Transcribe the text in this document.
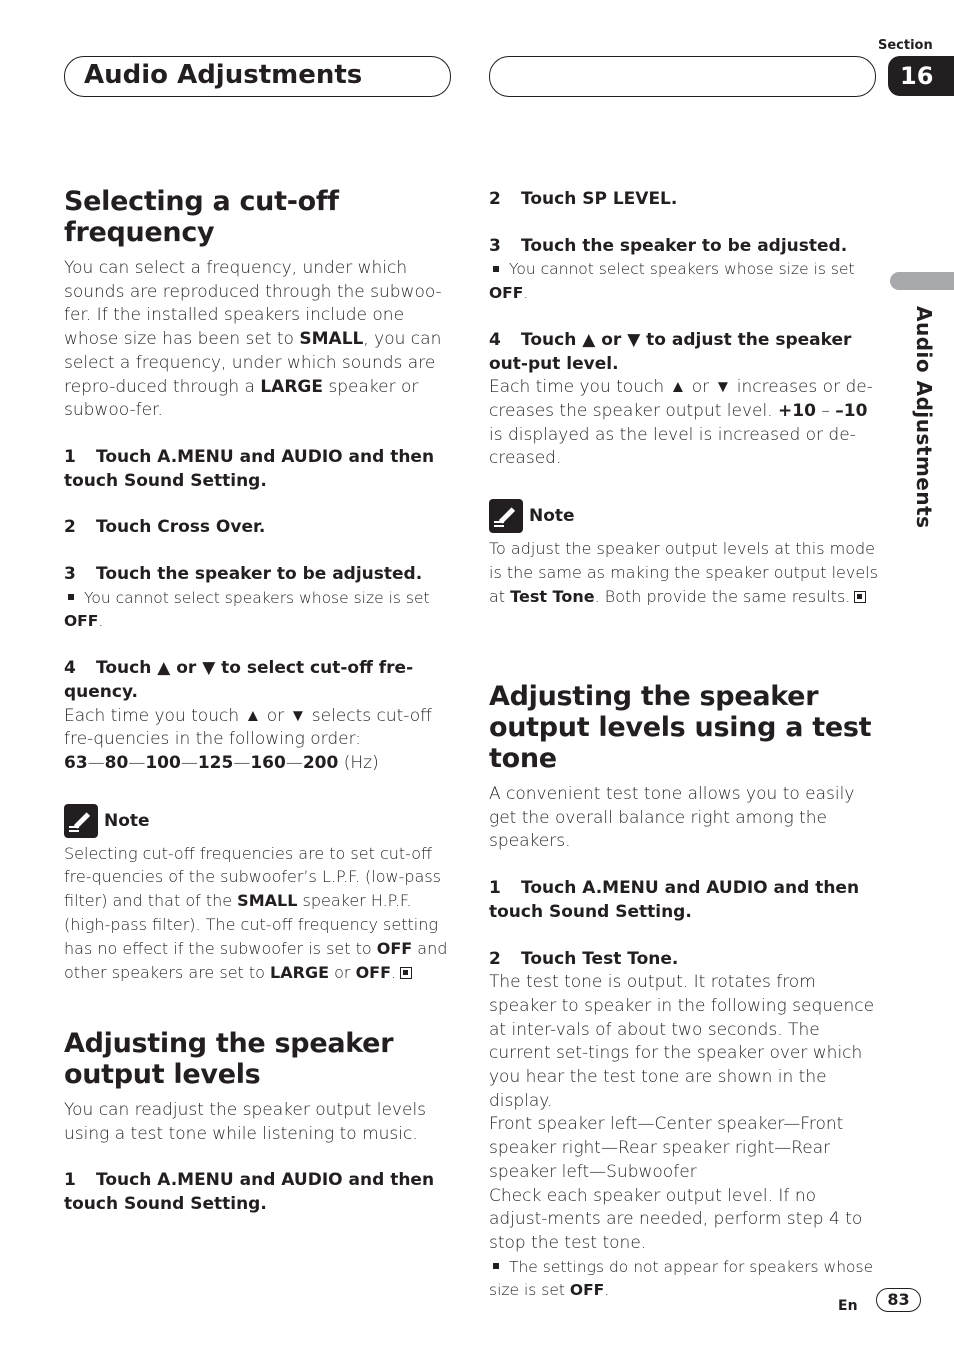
Audio Adjustments
Section
16
Audio Adjustments
Selecting a cut-off frequency

You can select a frequency, under which sounds are reproduced through the subwoo-fer. If the installed speakers include one whose size has been set to SMALL, you can select a frequency, under which sounds are repro-duced through a LARGE speaker or subwoo-fer.

1 Touch A.MENU and AUDIO and then touch Sound Setting.

2 Touch Cross Over.

3 Touch the speaker to be adjusted.

You cannot select speakers whose size is set OFF.

4 Touch ▲ or ▼ to select cut-off fre-quency.

Each time you touch ▲ or ▼ selects cut-off fre-quencies in the following order:

63—80—100—125—160—200 (Hz)

Note

Selecting cut-off frequencies are to set cut-off fre-quencies of the subwoofer’s L.P.F. (low-pass filter) and that of the SMALL speaker H.P.F. (high-pass filter). The cut-off frequency setting has no effect if the subwoofer is set to OFF and other speakers are set to LARGE or OFF.

Adjusting the speaker output levels

You can readjust the speaker output levels using a test tone while listening to music.

1 Touch A.MENU and AUDIO and then touch Sound Setting.

2 Touch SP LEVEL.

3 Touch the speaker to be adjusted.

You cannot select speakers whose size is set OFF.

4 Touch ▲ or ▼ to adjust the speaker out-put level.

Each time you touch ▲ or ▼ increases or de-creases the speaker output level. +10 – –10 is displayed as the level is increased or de-creased.

Note

To adjust the speaker output levels at this mode is the same as making the speaker output levels at Test Tone. Both provide the same results.

Adjusting the speaker output levels using a test tone

A convenient test tone allows you to easily get the overall balance right among the speakers.

1 Touch A.MENU and AUDIO and then touch Sound Setting.

2 Touch Test Tone.

The test tone is output. It rotates from speaker to speaker in the following sequence at inter-vals of about two seconds. The current set-tings for the speaker over which you hear the test tone are shown in the display.

Front speaker left—Center speaker—Front speaker right—Rear speaker right—Rear speaker left—Subwoofer

Check each speaker output level. If no adjust-ments are needed, perform step 4 to stop the test tone.

The settings do not appear for speakers whose size is set OFF.

En	83
